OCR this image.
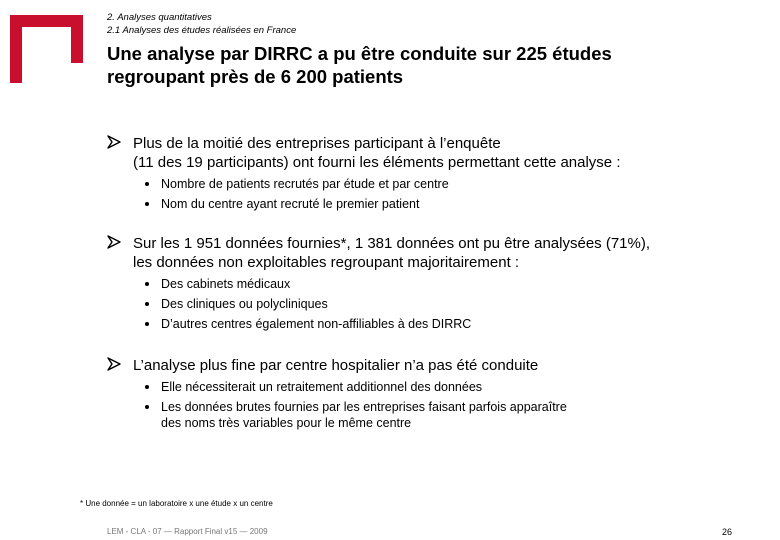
2. Analyses quantitatives
2.1 Analyses des études réalisées en France
Une analyse par DIRRC a pu être conduite sur 225 études
regroupant près de 6 200 patients
Plus de la moitié des entreprises participant à l’enquête
(11 des 19 participants) ont fourni les éléments permettant cette analyse :
Nombre de patients recrutés par étude et par centre
Nom du centre ayant recruté le premier patient
Sur les 1 951 données fournies*, 1 381 données ont pu être analysées (71%),
les données non exploitables regroupant majoritairement :
Des cabinets médicaux
Des cliniques ou polycliniques
D’autres centres également non-affiliables à des DIRRC
L’analyse plus fine par centre hospitalier n’a pas été conduite
Elle nécessiterait un retraitement additionnel des données
Les données brutes fournies par les entreprises faisant parfois apparaître
des noms très variables pour le même centre
* Une donnée = un laboratoire x une étude x un centre
LEM - CLA - 07 — Rapport Final v15 — 2009	26
